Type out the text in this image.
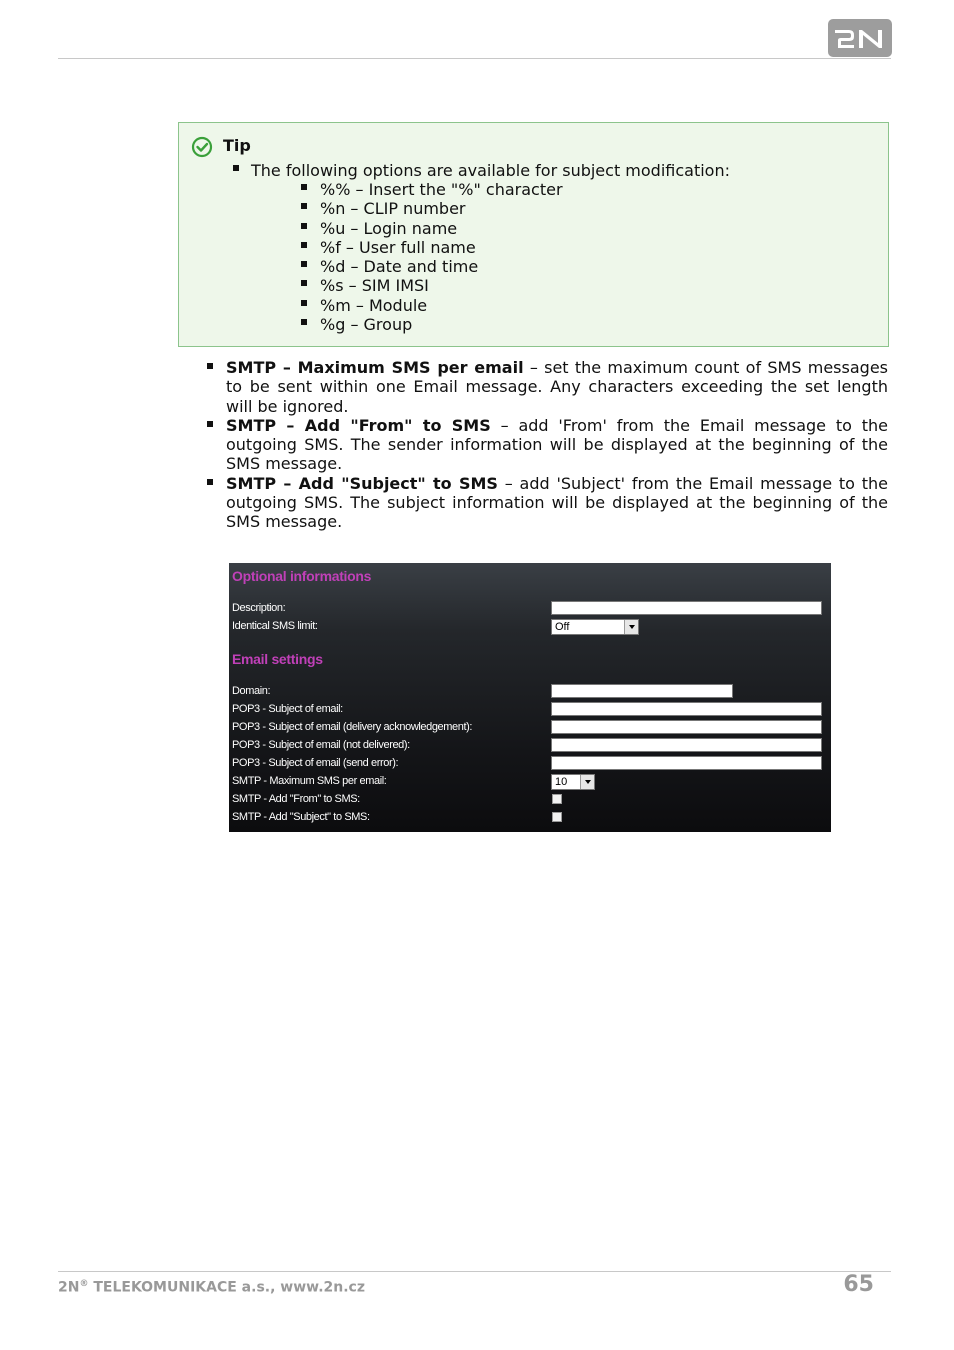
Tip
The following options are available for subject modification:
%% – Insert the "%" character
%n – CLIP number
%u – Login name
%f – User full name
%d – Date and time
%s – SIM IMSI
%m – Module
%g – Group
SMTP – Maximum SMS per email – set the maximum count of SMS messages to be sent within one Email message. Any characters exceeding the set length will be ignored.
SMTP – Add "From" to SMS – add 'From' from the Email message to the outgoing SMS. The sender information will be displayed at the beginning of the SMS message.
SMTP – Add "Subject" to SMS – add 'Subject' from the Email message to the outgoing SMS. The subject information will be displayed at the beginning of the SMS message.
Optional informations
Description:
Identical SMS limit:	Off
Email settings
Domain:
POP3 - Subject of email:
POP3 - Subject of email (delivery acknowledgement):
POP3 - Subject of email (not delivered):
POP3 - Subject of email (send error):
SMTP - Maximum SMS per email:	10
SMTP - Add "From" to SMS:
SMTP - Add "Subject" to SMS:
2N® TELEKOMUNIKACE a.s., www.2n.cz	65
